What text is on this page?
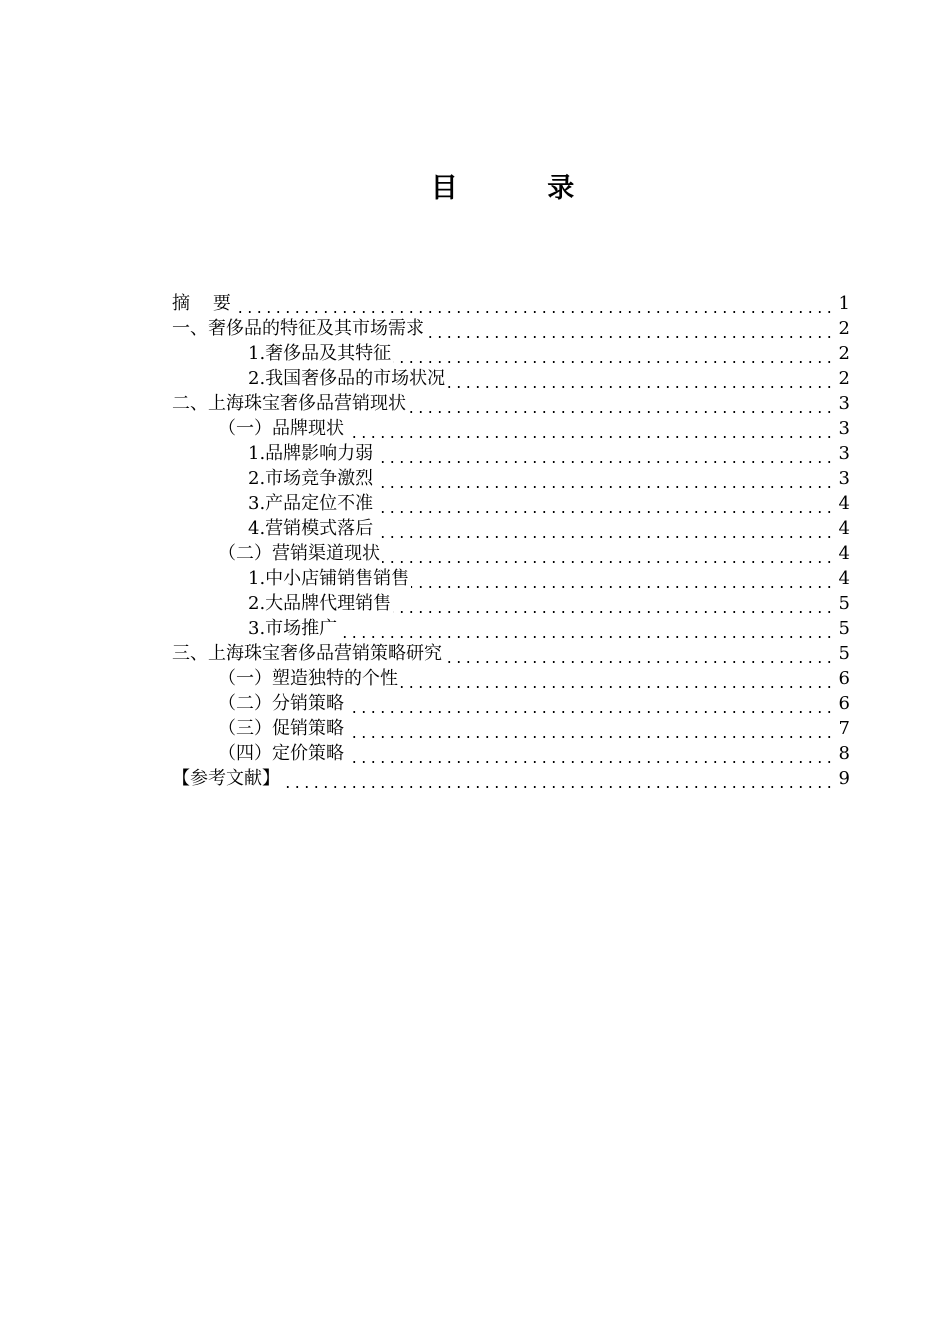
目 录
摘    要	1
一、奢侈品的特征及其市场需求	2
1.奢侈品及其特征	2
2.我国奢侈品的市场状况	2
二、上海珠宝奢侈品营销现状	3
（一）品牌现状	3
1.品牌影响力弱	3
2.市场竞争激烈	3
3.产品定位不准	4
4.营销模式落后	4
（二）营销渠道现状	4
1.中小店铺销售销售	4
2.大品牌代理销售	5
3.市场推广	5
三、上海珠宝奢侈品营销策略研究	5
（一）塑造独特的个性	6
（二）分销策略	6
（三）促销策略	7
（四）定价策略	8
【参考文献】	9
